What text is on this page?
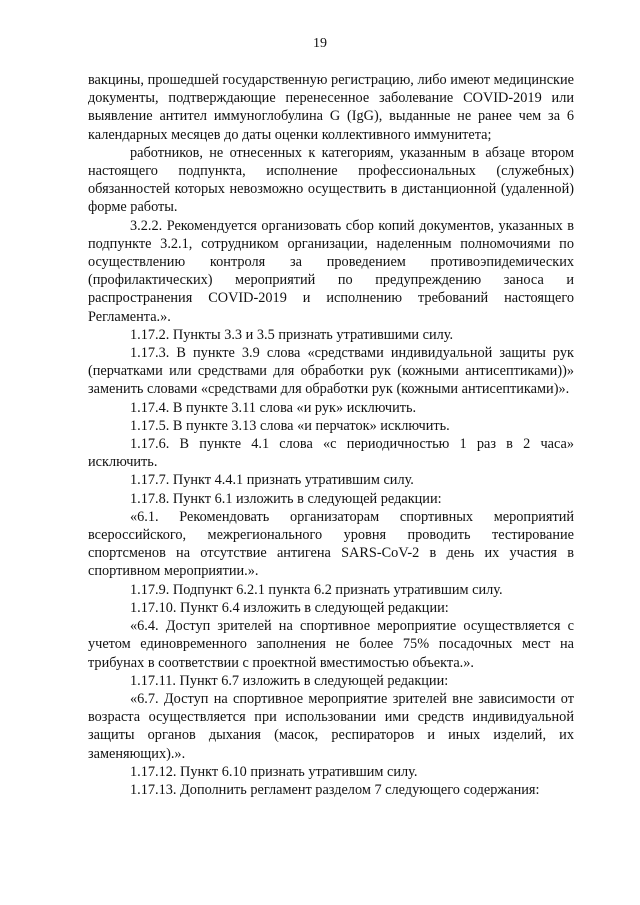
19

вакцины, прошедшей государственную регистрацию, либо имеют медицинские документы, подтверждающие перенесенное заболевание COVID-2019 или выявление антител иммуноглобулина G (IgG), выданные не ранее чем за 6 календарных месяцев до даты оценки коллективного иммунитета;

работников, не отнесенных к категориям, указанным в абзаце втором настоящего подпункта, исполнение профессиональных (служебных) обязанностей которых невозможно осуществить в дистанционной (удаленной) форме работы.

3.2.2. Рекомендуется организовать сбор копий документов, указанных в подпункте 3.2.1, сотрудником организации, наделенным полномочиями по осуществлению контроля за проведением противоэпидемических (профилактических) мероприятий по предупреждению заноса и распространения COVID-2019 и исполнению требований настоящего Регламента.».

1.17.2. Пункты 3.3 и 3.5 признать утратившими силу.

1.17.3. В пункте 3.9 слова «средствами индивидуальной защиты рук (перчатками или средствами для обработки рук (кожными антисептиками))» заменить словами «средствами для обработки рук (кожными антисептиками)».

1.17.4. В пункте 3.11 слова «и рук» исключить.

1.17.5. В пункте 3.13 слова «и перчаток» исключить.

1.17.6. В пункте 4.1 слова «с периодичностью 1 раз в 2 часа» исключить.

1.17.7. Пункт 4.4.1 признать утратившим силу.

1.17.8. Пункт 6.1 изложить в следующей редакции:

«6.1. Рекомендовать организаторам спортивных мероприятий всероссийского, межрегионального уровня проводить тестирование спортсменов на отсутствие антигена SARS-CoV-2 в день их участия в спортивном мероприятии.».

1.17.9. Подпункт 6.2.1 пункта 6.2 признать утратившим силу.

1.17.10. Пункт 6.4 изложить в следующей редакции:

«6.4. Доступ зрителей на спортивное мероприятие осуществляется с учетом единовременного заполнения не более 75% посадочных мест на трибунах в соответствии с проектной вместимостью объекта.».

1.17.11. Пункт 6.7 изложить в следующей редакции:

«6.7. Доступ на спортивное мероприятие зрителей вне зависимости от возраста осуществляется при использовании ими средств индивидуальной защиты органов дыхания (масок, респираторов и иных изделий, их заменяющих).».

1.17.12. Пункт 6.10 признать утратившим силу.

1.17.13. Дополнить регламент разделом 7 следующего содержания:
